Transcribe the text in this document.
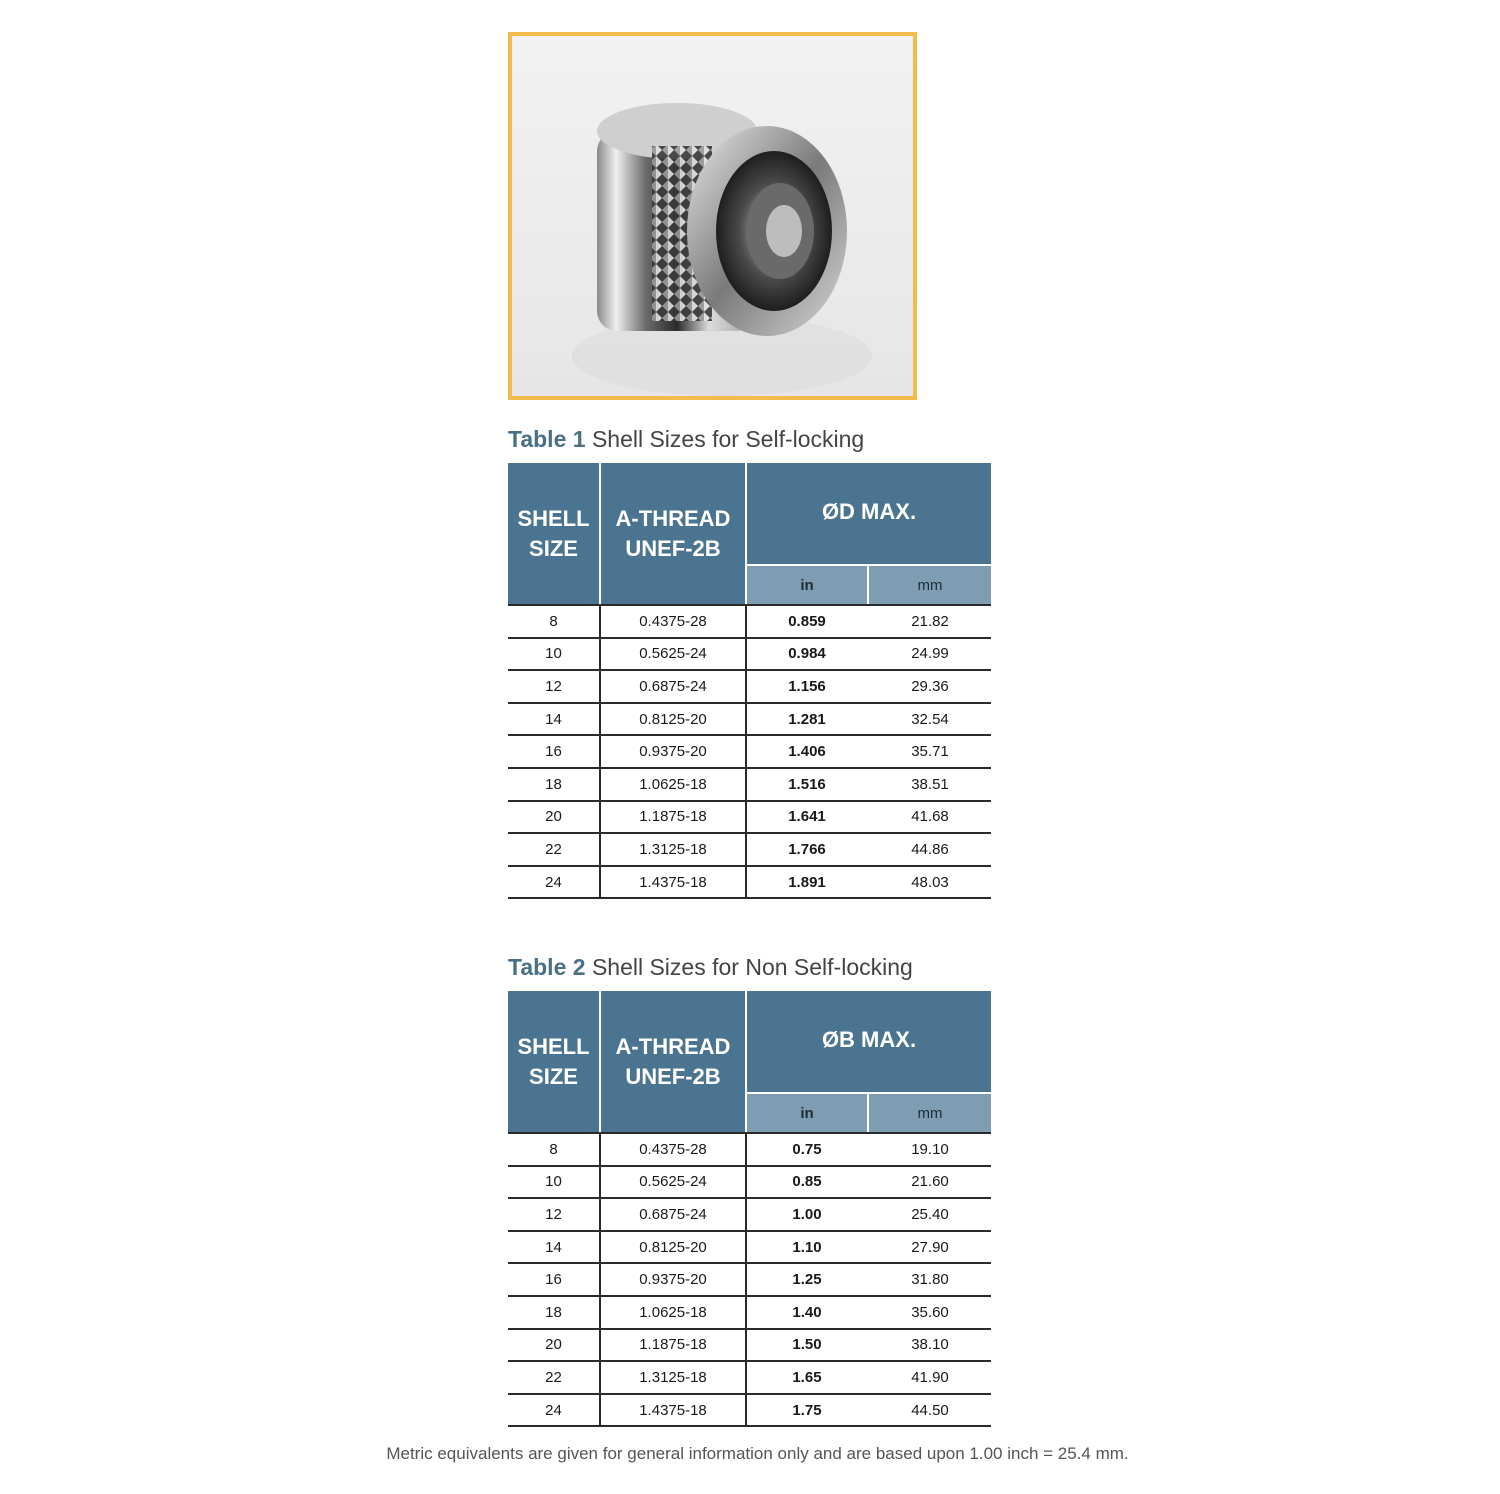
Table 1 Shell Sizes for Self-locking
SHELL
SIZE
A-THREAD
UNEF-2B
ØD MAX.
in	mm
8	0.4375-28	0.859	21.82
10	0.5625-24	0.984	24.99
12	0.6875-24	1.156	29.36
14	0.8125-20	1.281	32.54
16	0.9375-20	1.406	35.71
18	1.0625-18	1.516	38.51
20	1.1875-18	1.641	41.68
22	1.3125-18	1.766	44.86
24	1.4375-18	1.891	48.03
Table 2 Shell Sizes for Non Self-locking
SHELL
SIZE
A-THREAD
UNEF-2B
ØB MAX.
in	mm
8	0.4375-28	0.75	19.10
10	0.5625-24	0.85	21.60
12	0.6875-24	1.00	25.40
14	0.8125-20	1.10	27.90
16	0.9375-20	1.25	31.80
18	1.0625-18	1.40	35.60
20	1.1875-18	1.50	38.10
22	1.3125-18	1.65	41.90
24	1.4375-18	1.75	44.50
Metric equivalents are given for general information only and are based upon 1.00 inch = 25.4 mm.
